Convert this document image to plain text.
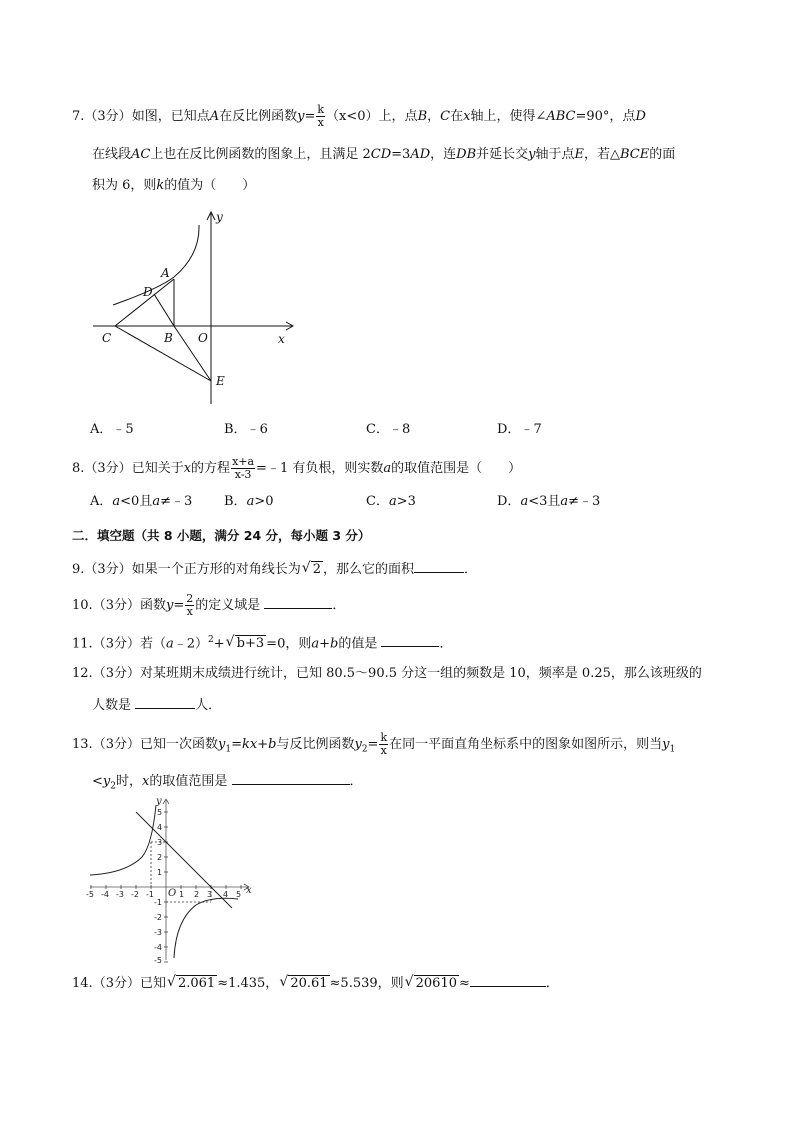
7.（3分）如图，已知点A在反比例函数$y= \frac{k}{x} (x<0)$上，点B，C在x轴上，使得∠ABC=90°，点D
在线段AC上也在反比例函数的图象上，且满足 2CD=3AD，连DB并延长交y轴于点E，若△BCE的面
积为 6，则k的值为（　　）
y
x
A
D
C	B O
E
A．﹣5	B．﹣6	C．﹣8	D．﹣7
8.（3分）已知关于x的方程 $\frac{x+a}{x-3}$ =﹣1 有负根，则实数a的取值范围是（　　）
A．a<0且a≠﹣3 B．a>0	C．a>3	D．a<3且a≠﹣3
二．填空题（共 8 小题，满分 24 分，每小题 3 分）
9.（3分）如果一个正方形的对角线长为 √ 2 ，那么它的面积	．
10.（3分）函数$y= \frac{2}{x}$ 的定义域是	．
11.（3分）若（a﹣2）$^2$+ √ b+3 =0，则a+b的值是	．
12.（3分）对某班期末成绩进行统计，已知 80.5～90.5 分这一组的频数是 10，频率是 0.25，那么该班级的
人数是	人．
13.（3分）已知一次函数$y_1=kx+b$与反比例函数$y_2= \frac{k}{x}$ 在同一平面直角坐标系中的图象如图所示，则当$y_1$
$<y_2$时，x的取值范围是	．
-5 -4 -3 -2 -1	1 2 3 4 5
5
4
3
2
1
-1
-2
-3
-4
-5
y
x
O
14.（3分）已知 √ 2.061 ≈1.435， √ 20.61 ≈5.539，则 √ 20610 ≈	．
